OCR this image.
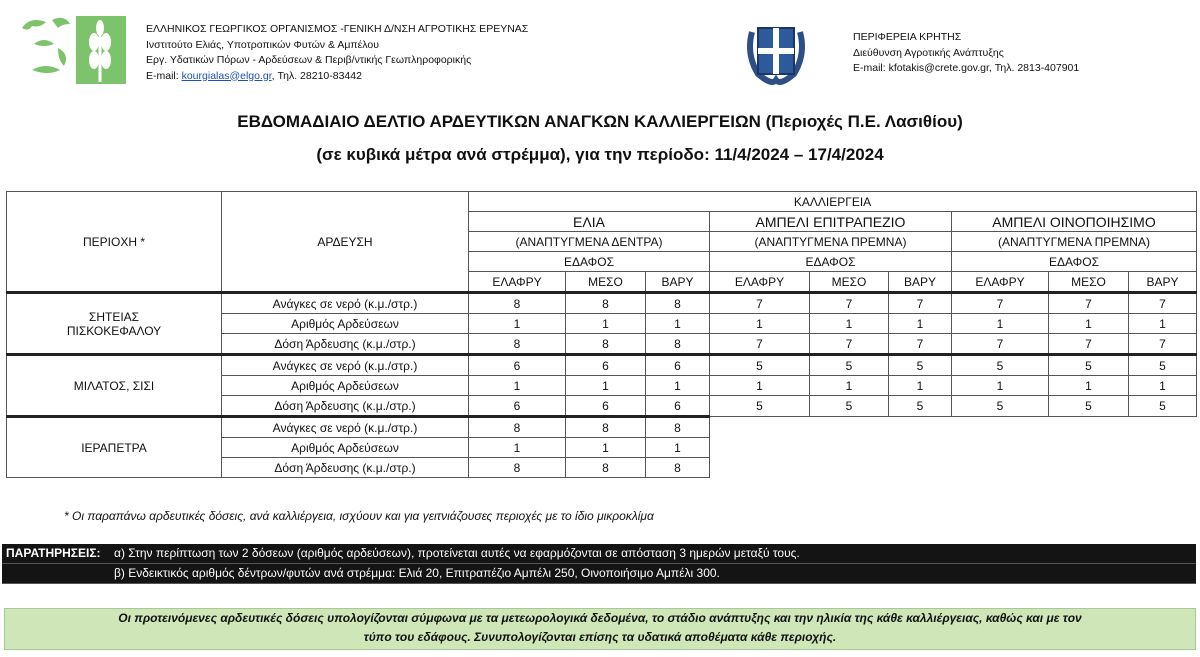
ΕΛΛΗΝΙΚΟΣ ΓΕΩΡΓΙΚΟΣ ΟΡΓΑΝΙΣΜΟΣ -ΓΕΝΙΚΗ Δ/ΝΣΗ ΑΓΡΟΤΙΚΗΣ ΕΡΕΥΝΑΣ
Ινστιτούτο Ελιάς, Υποτροπικών Φυτών & Αμπέλου
Εργ. Υδατικών Πόρων - Αρδεύσεων & Περιβ/ντικής Γεωπληροφορικής
E-mail: kourgialas@elgo.gr, Τηλ. 28210-83442
ΠΕΡΙΦΕΡΕΙΑ ΚΡΗΤΗΣ
Διεύθυνση Αγροτικής Ανάπτυξης
E-mail: kfotakis@crete.gov.gr, Τηλ. 2813-407901
ΕΒΔΟΜΑΔΙΑΙΟ ΔΕΛΤΙΟ ΑΡΔΕΥΤΙΚΩΝ ΑΝΑΓΚΩΝ ΚΑΛΛΙΕΡΓΕΙΩΝ (Περιοχές Π.Ε. Λασιθίου)
(σε κυβικά μέτρα ανά στρέμμα), για την περίοδο: 11/4/2024 – 17/4/2024
ΠΕΡΙΟΧΗ *	ΑΡΔΕΥΣΗ	ΚΑΛΛΙΕΡΓΕΙΑ								
		ΕΛΙΑ			ΑΜΠΕΛΙ ΕΠΙΤΡΑΠΕΖΙΟ			ΑΜΠΕΛΙ ΟΙΝΟΠΟΙΗΣΙΜΟ		
		(ΑΝΑΠΤΥΓΜΕΝΑ ΔΕΝΤΡΑ)			(ΑΝΑΠΤΥΓΜΕΝΑ ΠΡΕΜΝΑ)			(ΑΝΑΠΤΥΓΜΕΝΑ ΠΡΕΜΝΑ)		
		ΕΔΑΦΟΣ			ΕΔΑΦΟΣ			ΕΔΑΦΟΣ		
		ΕΛΑΦΡΥ	ΜΕΣΟ	ΒΑΡΥ	ΕΛΑΦΡΥ	ΜΕΣΟ	ΒΑΡΥ	ΕΛΑΦΡΥ	ΜΕΣΟ	ΒΑΡΥ
ΣΗΤΕΙΑΣ ΠΙΣΚΟΚΕΦΑΛΟΥ	Ανάγκες σε νερό (κ.μ./στρ.)	8	8	8	7	7	7	7	7	7
	Αριθμός Αρδεύσεων	1	1	1	1	1	1	1	1	1
	Δόση Άρδευσης (κ.μ./στρ.)	8	8	8	7	7	7	7	7	7
ΜΙΛΑΤΟΣ, ΣΙΣΙ	Ανάγκες σε νερό (κ.μ./στρ.)	6	6	6	5	5	5	5	5	5
	Αριθμός Αρδεύσεων	1	1	1	1	1	1	1	1	1
	Δόση Άρδευσης (κ.μ./στρ.)	6	6	6	5	5	5	5	5	5
ΙΕΡΑΠΕΤΡΑ	Ανάγκες σε νερό (κ.μ./στρ.)	8	8	8						
	Αριθμός Αρδεύσεων	1	1	1						
	Δόση Άρδευσης (κ.μ./στρ.)	8	8	8						
* Οι παραπάνω αρδευτικές δόσεις, ανά καλλιέργεια, ισχύουν και για γειτνιάζουσες περιοχές με το ίδιο μικροκλίμα
ΠΑΡΑΤΗΡΗΣΕΙΣ: α) Στην περίπτωση των 2 δόσεων (αριθμός αρδεύσεων), προτείνεται αυτές να εφαρμόζονται σε απόσταση 3 ημερών μεταξύ τους.
β) Ενδεικτικός αριθμός δέντρων/φυτών ανά στρέμμα: Ελιά 20, Επιτραπέζιο Αμπέλι 250, Οινοποιήσιμο Αμπέλι 300.
Οι προτεινόμενες αρδευτικές δόσεις υπολογίζονται σύμφωνα με τα μετεωρολογικά δεδομένα, το στάδιο ανάπτυξης και την ηλικία της κάθε καλλιέργειας, καθώς και με τον
τύπο του εδάφους. Συνυπολογίζονται επίσης τα υδατικά αποθέματα κάθε περιοχής.
